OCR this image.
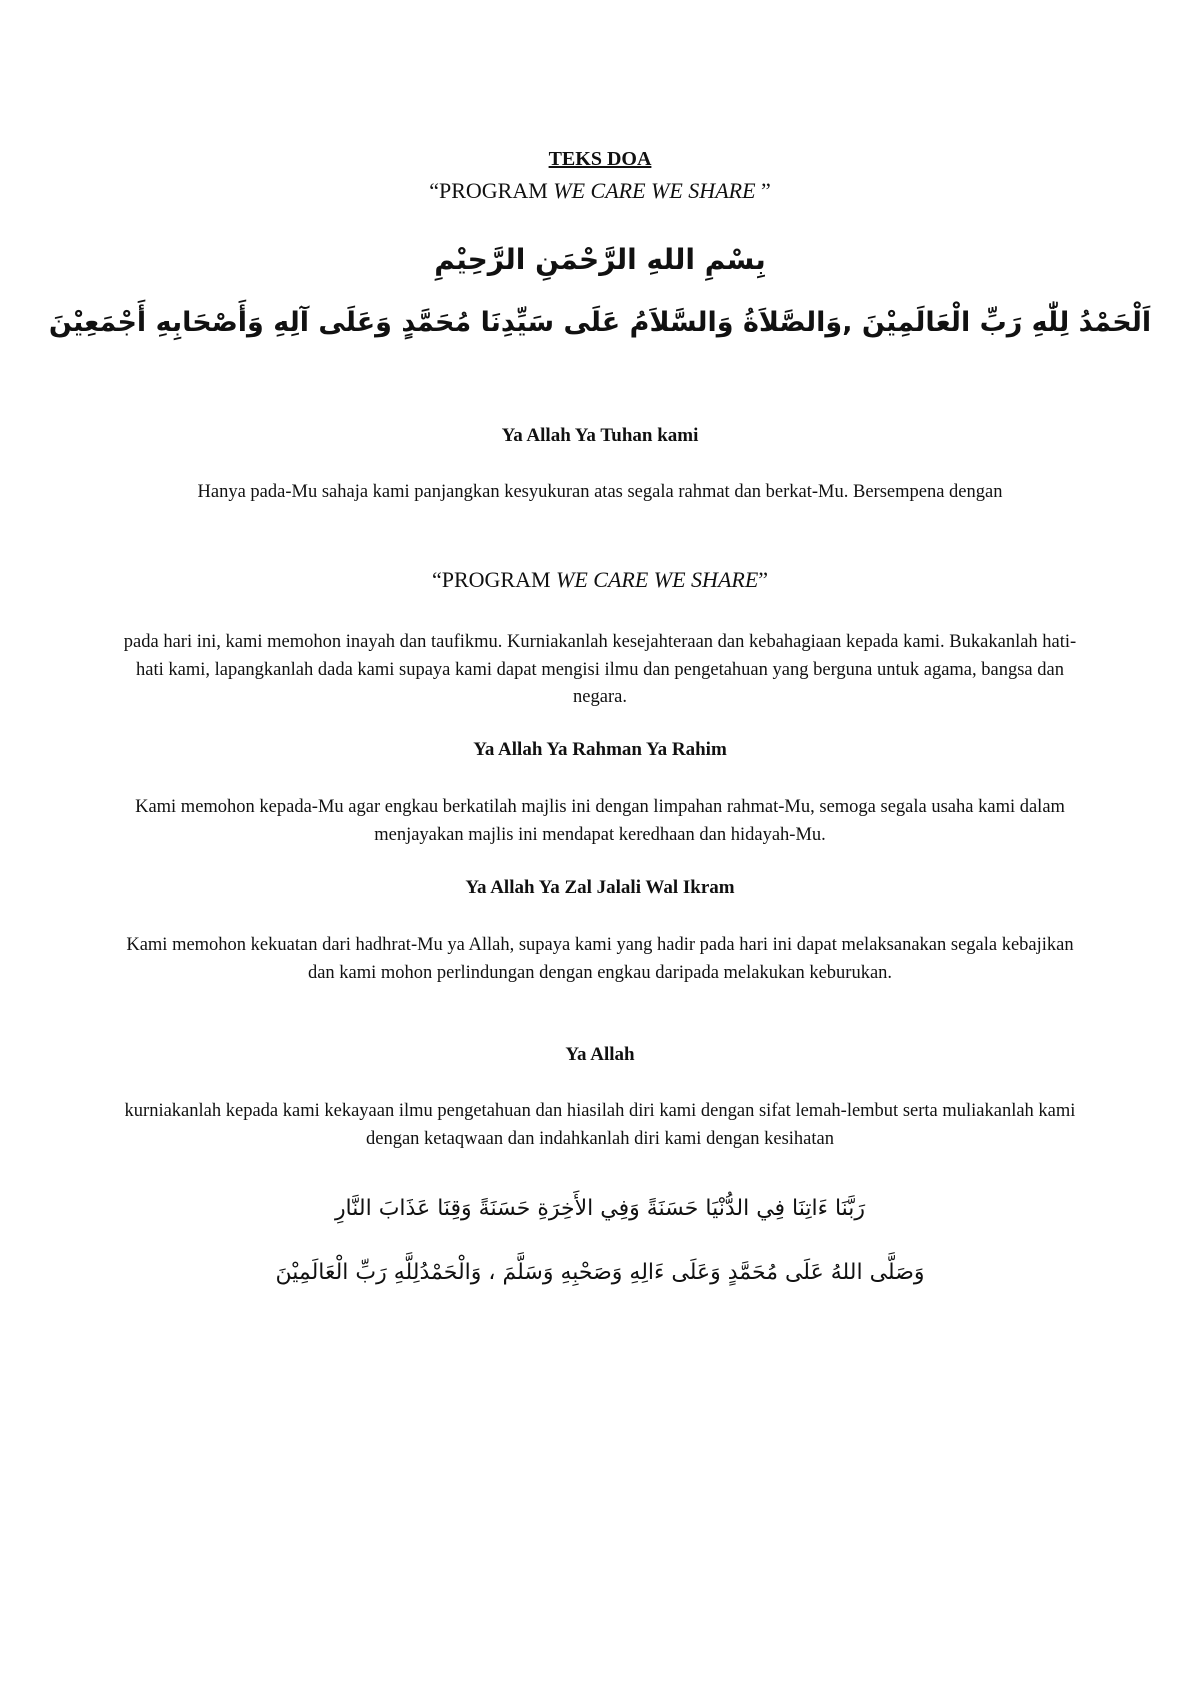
TEKS DOA
“PROGRAM WE CARE WE SHARE ”
بِسْمِ اللهِ الرَّحْمَنِ الرَّحِيْمِ
اَلْحَمْدُ لِلّٰهِ رَبِّ الْعَالَمِيْنَ ,وَالصَّلاَةُ وَالسَّلاَمُ عَلَى سَيِّدِنَا مُحَمَّدٍ وَعَلَى آلِهِ وَأَصْحَابِهِ أَجْمَعِيْنَ
Ya Allah Ya Tuhan kami
Hanya pada-Mu sahaja kami panjangkan kesyukuran atas segala rahmat dan berkat-Mu. Bersempena dengan
“PROGRAM WE CARE WE SHARE”
pada hari ini, kami memohon inayah dan taufikmu. Kurniakanlah kesejahteraan dan kebahagiaan kepada kami. Bukakanlah hati-hati kami, lapangkanlah dada kami supaya kami dapat mengisi ilmu dan pengetahuan yang berguna untuk agama, bangsa dan negara.
Ya Allah Ya Rahman Ya Rahim
Kami memohon kepada-Mu agar engkau berkatilah majlis ini dengan limpahan rahmat-Mu, semoga segala usaha kami dalam menjayakan majlis ini mendapat keredhaan dan hidayah-Mu.
Ya Allah Ya Zal Jalali Wal Ikram
Kami memohon kekuatan dari hadhrat-Mu ya Allah, supaya kami yang hadir pada hari ini dapat melaksanakan segala kebajikan dan kami mohon perlindungan dengan engkau daripada melakukan keburukan.
Ya Allah
kurniakanlah kepada kami kekayaan ilmu pengetahuan dan hiasilah diri kami dengan sifat lemah-lembut serta muliakanlah kami dengan ketaqwaan dan indahkanlah diri kami dengan kesihatan
رَبَّنَا ءَاتِنَا فِي الدُّنْيَا حَسَنَةً وَفِي الأَخِرَةِ حَسَنَةً وَقِنَا عَذَابَ النَّارِ
وَصَلَّى اللهُ عَلَى مُحَمَّدٍ وَعَلَى ءَالِهِ وَصَحْبِهِ وَسَلَّمَ ، وَالْحَمْدُلِلَّهِ رَبِّ الْعَالَمِيْنَ
